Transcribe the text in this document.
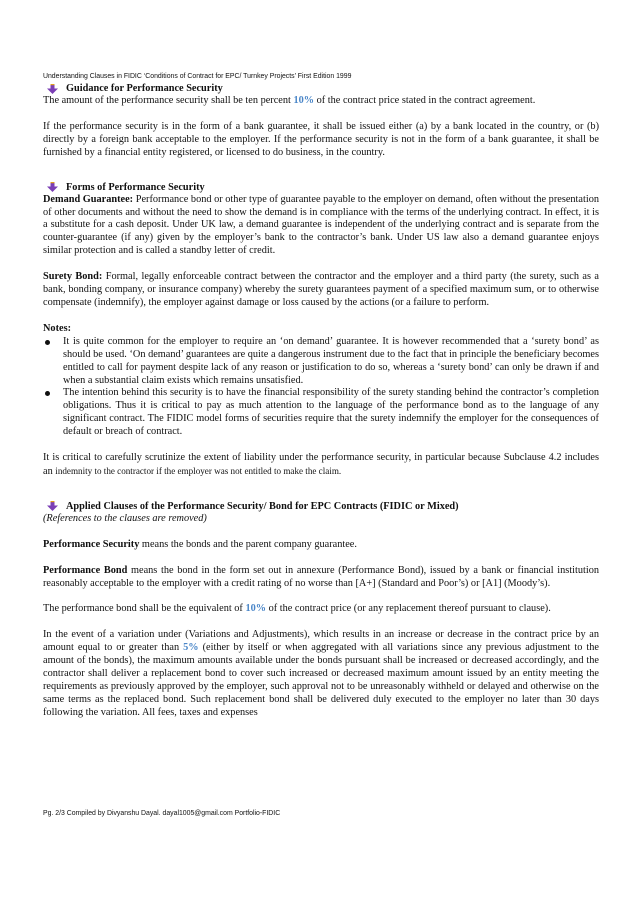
Understanding Clauses in FIDIC ‘Conditions of Contract for EPC/ Turnkey Projects’ First Edition 1999
Guidance for Performance Security

The amount of the performance security shall be ten percent 10% of the contract price stated in the contract agreement.

If the performance security is in the form of a bank guarantee, it shall be issued either (a) by a bank located in the country, or (b) directly by a foreign bank acceptable to the employer. If the performance security is not in the form of a bank guarantee, it shall be furnished by a financial entity registered, or licensed to do business, in the country.

Forms of Performance Security

Demand Guarantee: Performance bond or other type of guarantee payable to the employer on demand, often without the presentation of other documents and without the need to show the demand is in compliance with the terms of the underlying contract. In effect, it is a substitute for a cash deposit. Under UK law, a demand guarantee is independent of the underlying contract and is separate from the counter-guarantee (if any) given by the employer’s bank to the contractor’s bank. Under US law also a demand guarantee enjoys similar protection and is called a standby letter of credit.

Surety Bond: Formal, legally enforceable contract between the contractor and the employer and a third party (the surety, such as a bank, bonding company, or insurance company) whereby the surety guarantees payment of a specified maximum sum, or to otherwise compensate (indemnify), the employer against damage or loss caused by the actions (or a failure to perform.

Notes:

It is quite common for the employer to require an ‘on demand’ guarantee. It is however recommended that a ‘surety bond’ as should be used. ‘On demand’ guarantees are quite a dangerous instrument due to the fact that in principle the beneficiary becomes entitled to call for payment despite lack of any reason or justification to do so, whereas a ‘surety bond’ can only be drawn if and when a substantial claim exists which remains unsatisfied.
The intention behind this security is to have the financial responsibility of the surety standing behind the contractor’s completion obligations. Thus it is critical to pay as much attention to the language of the performance bond as to the language of any significant contract. The FIDIC model forms of securities require that the surety indemnify the employer for the consequences of default or breach of contract.

It is critical to carefully scrutinize the extent of liability under the performance security, in particular because Subclause 4.2 includes an indemnity to the contractor if the employer was not entitled to make the claim.

Applied Clauses of the Performance Security/ Bond for EPC Contracts (FIDIC or Mixed)

(References to the clauses are removed)

Performance Security means the bonds and the parent company guarantee.

Performance Bond means the bond in the form set out in annexure (Performance Bond), issued by a bank or financial institution reasonably acceptable to the employer with a credit rating of no worse than [A+] (Standard and Poor’s) or [A1] (Moody’s).

The performance bond shall be the equivalent of 10% of the contract price (or any replacement thereof pursuant to clause).

In the event of a variation under (Variations and Adjustments), which results in an increase or decrease in the contract price by an amount equal to or greater than 5% (either by itself or when aggregated with all variations since any previous adjustment to the amount of the bonds), the maximum amounts available under the bonds pursuant shall be increased or decreased accordingly, and the contractor shall deliver a replacement bond to cover such increased or decreased maximum amount issued by an entity meeting the requirements as previously approved by the employer, such approval not to be unreasonably withheld or delayed and otherwise on the same terms as the replaced bond. Such replacement bond shall be delivered duly executed to the employer no later than 30 days following the variation. All fees, taxes and expenses

Pg. 2/3 Compiled by Divyanshu Dayal. dayal1005@gmail.com Portfolio-FIDIC
